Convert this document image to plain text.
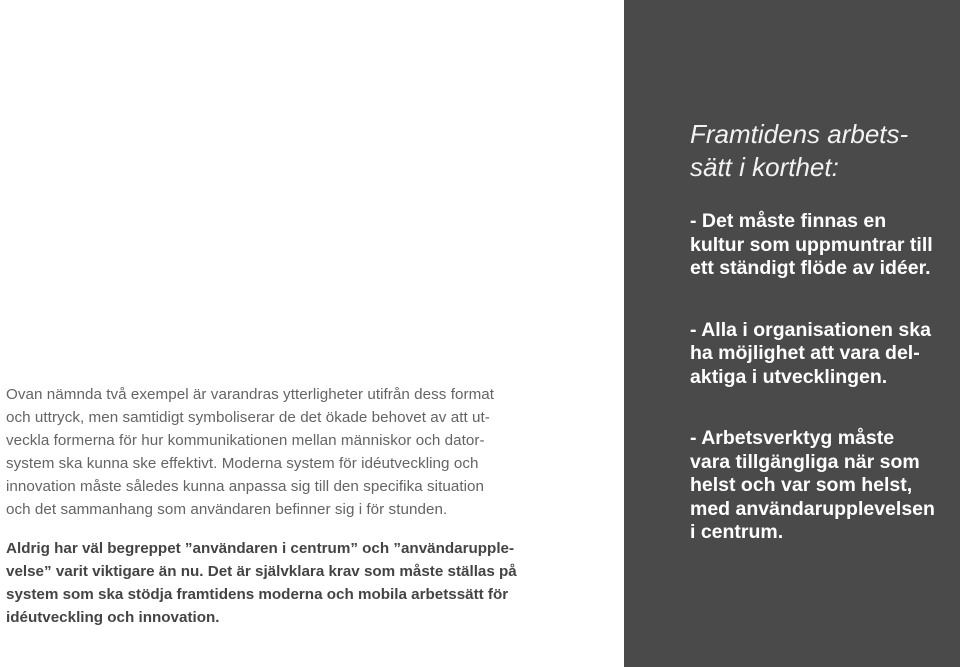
Ovan nämnda två exempel är varandras ytterligheter utifrån dess format
och uttryck, men samtidigt symboliserar de det ökade behovet av att ut-
veckla formerna för hur kommunikationen mellan människor och dator-
system ska kunna ske effektivt. Moderna system för idéutveckling och
innovation måste således kunna anpassa sig till den specifika situation
och det sammanhang som användaren befinner sig i för stunden.

Aldrig har väl begreppet ”användaren i centrum” och ”användarupple-
velse” varit viktigare än nu. Det är självklara krav som måste ställas på
system som ska stödja framtidens moderna och mobila arbetssätt för
idéutveckling och innovation.

Framtidens arbets-
sätt i korthet:

- Det måste finnas en
kultur som uppmuntrar till
ett ständigt flöde av idéer.

- Alla i organisationen ska
ha möjlighet att vara del-
aktiga i utvecklingen.

- Arbetsverktyg måste
vara tillgängliga när som
helst och var som helst,
med användarupplevelsen
i centrum.
